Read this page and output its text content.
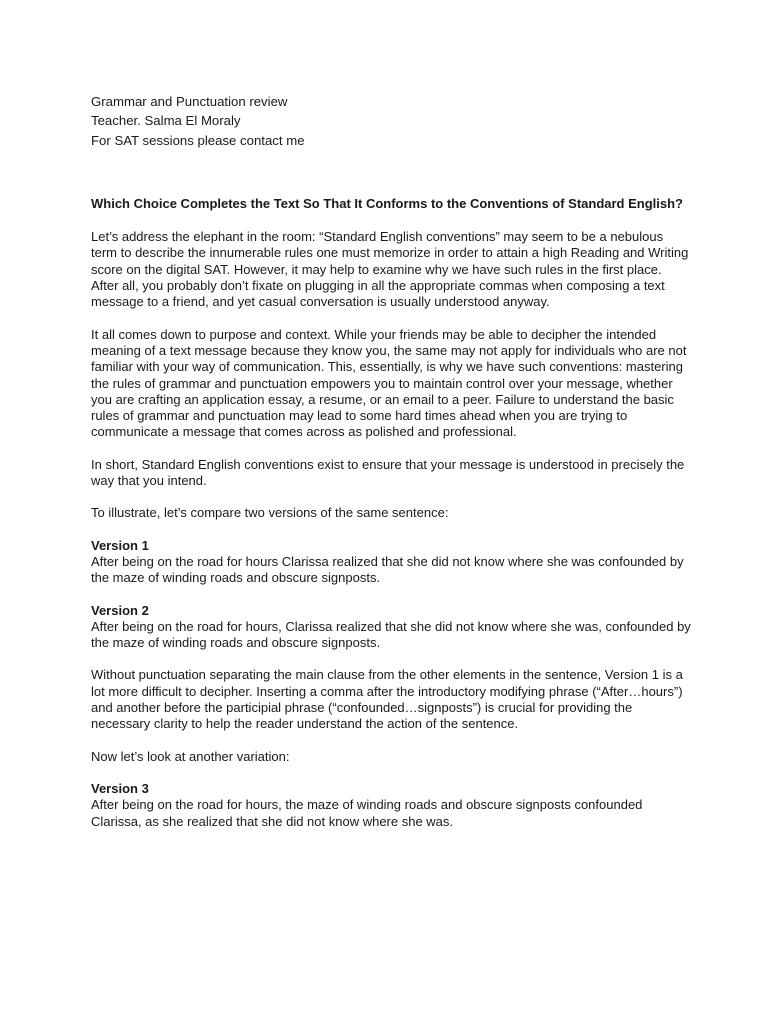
Grammar and Punctuation review

Teacher. Salma El Moraly

For SAT sessions please contact me

Which Choice Completes the Text So That It Conforms to the Conventions of Standard English?

Let’s address the elephant in the room: “Standard English conventions” may seem to be a nebulous term to describe the innumerable rules one must memorize in order to attain a high Reading and Writing score on the digital SAT. However, it may help to examine why we have such rules in the first place. After all, you probably don’t fixate on plugging in all the appropriate commas when composing a text message to a friend, and yet casual conversation is usually understood anyway.

It all comes down to purpose and context. While your friends may be able to decipher the intended meaning of a text message because they know you, the same may not apply for individuals who are not familiar with your way of communication. This, essentially, is why we have such conventions: mastering the rules of grammar and punctuation empowers you to maintain control over your message, whether you are crafting an application essay, a resume, or an email to a peer. Failure to understand the basic rules of grammar and punctuation may lead to some hard times ahead when you are trying to communicate a message that comes across as polished and professional.

In short, Standard English conventions exist to ensure that your message is understood in precisely the way that you intend.

To illustrate, let’s compare two versions of the same sentence:

Version 1
After being on the road for hours Clarissa realized that she did not know where she was confounded by the maze of winding roads and obscure signposts.
Version 2
After being on the road for hours, Clarissa realized that she did not know where she was, confounded by the maze of winding roads and obscure signposts.

Without punctuation separating the main clause from the other elements in the sentence, Version 1 is a lot more difficult to decipher. Inserting a comma after the introductory modifying phrase (“After…hours”) and another before the participial phrase (“confounded…signposts”) is crucial for providing the necessary clarity to help the reader understand the action of the sentence.

Now let’s look at another variation:

Version 3
After being on the road for hours, the maze of winding roads and obscure signposts confounded Clarissa, as she realized that she did not know where she was.
